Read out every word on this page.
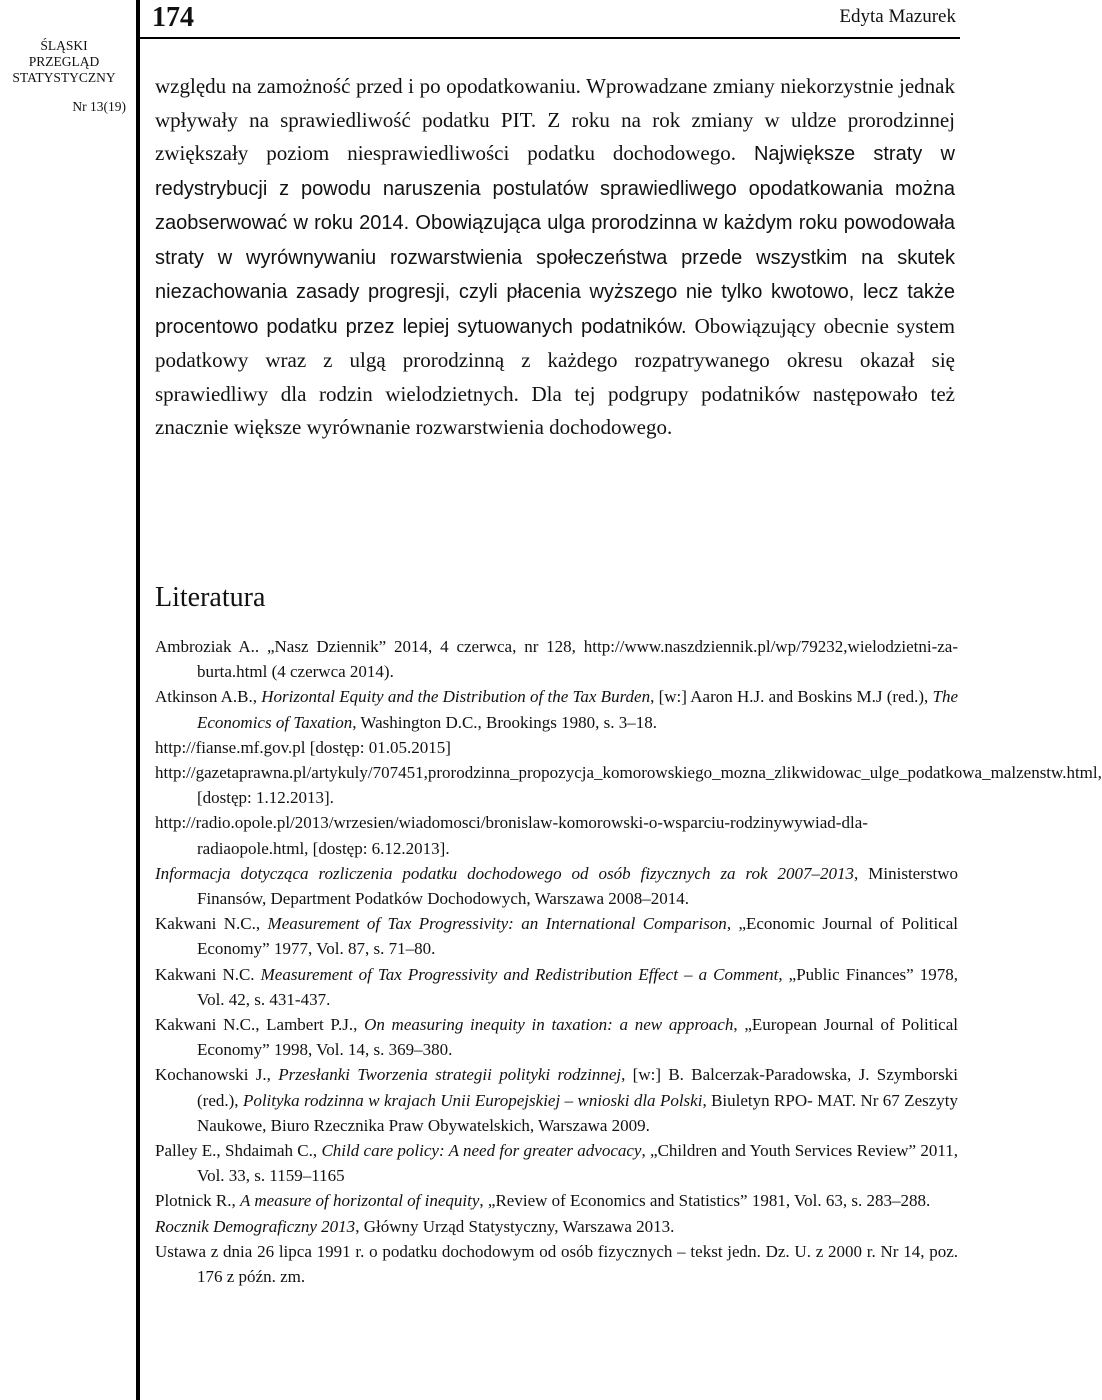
ŚLĄSKI
PRZEGLĄD
STATYSTYCZNY
Nr 13(19)
174	Edyta Mazurek

względu na zamożność przed i po opodatkowaniu. Wprowadzane zmiany niekorzystnie jednak wpływały na sprawiedliwość podatku PIT. Z roku na rok zmiany w uldze prorodzinnej zwiększały poziom niesprawiedliwości podatku dochodowego. Największe straty w redystrybucji z powodu naruszenia postulatów sprawiedliwego opodatkowania można zaobserwować w roku 2014. Obowiązująca ulga prorodzinna w każdym roku powodowała straty w wyrównywaniu rozwarstwienia społeczeństwa przede wszystkim na skutek niezachowania zasady progresji, czyli płacenia wyższego nie tylko kwotowo, lecz także procentowo podatku przez lepiej sytuowanych podatników. Obowiązujący obecnie system podatkowy wraz z ulgą prorodzinną z każdego rozpatrywanego okresu okazał się sprawiedliwy dla rodzin wielodzietnych. Dla tej podgrupy podatników następowało też znacznie większe wyrównanie rozwarstwienia dochodowego.

Literatura
Ambroziak A.. „Nasz Dziennik” 2014, 4 czerwca, nr 128, http://www.naszdziennik.pl/wp/79232,wielodzietni-za-burta.html (4 czerwca 2014).
Atkinson A.B., Horizontal Equity and the Distribution of the Tax Burden, [w:] Aaron H.J. and Boskins M.J (red.), The Economics of Taxation, Washington D.C., Brookings 1980, s. 3–18.
http://fianse.mf.gov.pl [dostęp: 01.05.2015]
http://gazetaprawna.pl/artykuly/707451,prorodzinna_propozycja_komorowskiego_mozna_zlikwidowac_ulge_podatkowa_malzenstw.html, [dostęp: 1.12.2013].
http://radio.opole.pl/2013/wrzesien/wiadomosci/bronislaw-komorowski-o-wsparciu-rodzinywywiad-dla-radiaopole.html, [dostęp: 6.12.2013].
Informacja dotycząca rozliczenia podatku dochodowego od osób fizycznych za rok 2007–2013, Ministerstwo Finansów, Department Podatków Dochodowych, Warszawa 2008–2014.
Kakwani N.C., Measurement of Tax Progressivity: an International Comparison, „Economic Journal of Political Economy” 1977, Vol. 87, s. 71–80.
Kakwani N.C. Measurement of Tax Progressivity and Redistribution Effect – a Comment, „Public Finances” 1978, Vol. 42, s. 431-437.
Kakwani N.C., Lambert P.J., On measuring inequity in taxation: a new approach, „European Journal of Political Economy” 1998, Vol. 14, s. 369–380.
Kochanowski J., Przesłanki Tworzenia strategii polityki rodzinnej, [w:] B. Balcerzak-Paradowska, J. Szymborski (red.), Polityka rodzinna w krajach Unii Europejskiej – wnioski dla Polski, Biuletyn RPO- MAT. Nr 67 Zeszyty Naukowe, Biuro Rzecznika Praw Obywatelskich, Warszawa 2009.
Palley E., Shdaimah C., Child care policy: A need for greater advocacy, „Children and Youth Services Review” 2011, Vol. 33, s. 1159–1165
Plotnick R., A measure of horizontal of inequity, „Review of Economics and Statistics” 1981, Vol. 63, s. 283–288.
Rocznik Demograficzny 2013, Główny Urząd Statystyczny, Warszawa 2013.
Ustawa z dnia 26 lipca 1991 r. o podatku dochodowym od osób fizycznych – tekst jedn. Dz. U. z 2000 r. Nr 14, poz. 176 z późn. zm.
